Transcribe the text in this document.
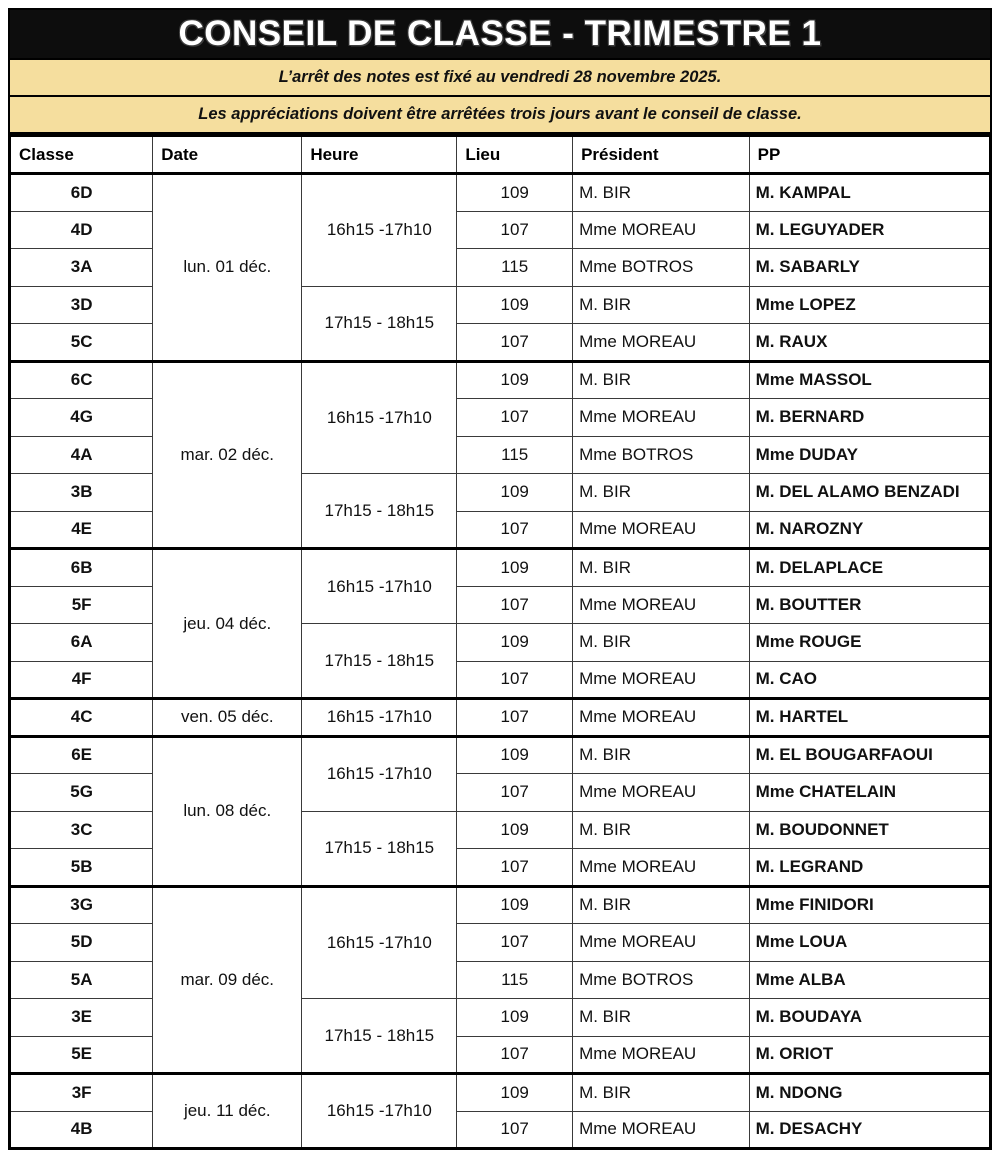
CONSEIL DE CLASSE - TRIMESTRE 1
L’arrêt des notes est fixé au vendredi 28 novembre 2025.
Les appréciations doivent être arrêtées trois jours avant le conseil de classe.
Classe	Date	Heure	Lieu	Président	PP
6D	lun. 01 déc.	16h15 -17h10	109	M. BIR	M. KAMPAL
4D			107	Mme MOREAU	M. LEGUYADER
3A			115	Mme BOTROS	M. SABARLY
3D		17h15 - 18h15	109	M. BIR	Mme LOPEZ
5C			107	Mme MOREAU	M. RAUX
6C	mar. 02 déc.	16h15 -17h10	109	M. BIR	Mme MASSOL
4G			107	Mme MOREAU	M. BERNARD
4A			115	Mme BOTROS	Mme DUDAY
3B		17h15 - 18h15	109	M. BIR	M. DEL ALAMO BENZADI
4E			107	Mme MOREAU	M. NAROZNY
6B	jeu. 04 déc.	16h15 -17h10	109	M. BIR	M. DELAPLACE
5F			107	Mme MOREAU	M. BOUTTER
6A		17h15 - 18h15	109	M. BIR	Mme ROUGE
4F			107	Mme MOREAU	M. CAO
4C	ven. 05 déc.	16h15 -17h10	107	Mme MOREAU	M. HARTEL
6E	lun. 08 déc.	16h15 -17h10	109	M. BIR	M. EL BOUGARFAOUI
5G			107	Mme MOREAU	Mme CHATELAIN
3C		17h15 - 18h15	109	M. BIR	M. BOUDONNET
5B			107	Mme MOREAU	M. LEGRAND
3G	mar. 09 déc.	16h15 -17h10	109	M. BIR	Mme FINIDORI
5D			107	Mme MOREAU	Mme LOUA
5A			115	Mme BOTROS	Mme ALBA
3E		17h15 - 18h15	109	M. BIR	M. BOUDAYA
5E			107	Mme MOREAU	M. ORIOT
3F	jeu. 11 déc.	16h15 -17h10	109	M. BIR	M. NDONG
4B			107	Mme MOREAU	M. DESACHY
